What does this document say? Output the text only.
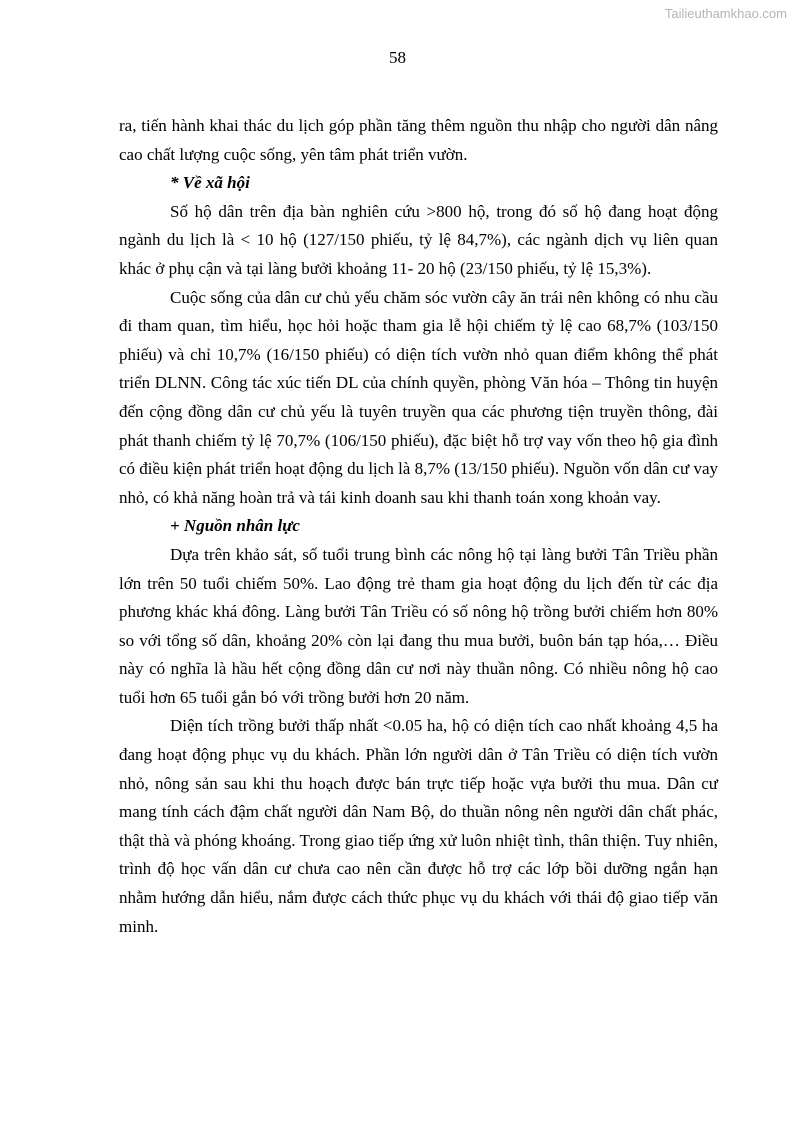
Tailieuthamkhao.com
58

ra, tiến hành khai thác du lịch góp phần tăng thêm nguồn thu nhập cho người dân nâng cao chất lượng cuộc sống, yên tâm phát triển vườn.

* Về xã hội

Số hộ dân trên địa bàn nghiên cứu >800 hộ, trong đó số hộ đang hoạt động ngành du lịch là < 10 hộ (127/150 phiếu, tỷ lệ 84,7%), các ngành dịch vụ liên quan khác ở phụ cận và tại làng bưởi khoảng 11- 20 hộ (23/150 phiếu, tỷ lệ 15,3%).

Cuộc sống của dân cư chủ yếu chăm sóc vườn cây ăn trái nên không có nhu cầu đi tham quan, tìm hiểu, học hỏi hoặc tham gia lễ hội chiếm tỷ lệ cao 68,7% (103/150 phiếu) và chỉ 10,7% (16/150 phiếu) có diện tích vườn nhỏ quan điểm không thể phát triển DLNN. Công tác xúc tiến DL của chính quyền, phòng Văn hóa – Thông tin huyện đến cộng đồng dân cư chủ yếu là tuyên truyền qua các phương tiện truyền thông, đài phát thanh chiếm tỷ lệ 70,7% (106/150 phiếu), đặc biệt hỗ trợ vay vốn theo hộ gia đình có điều kiện phát triển hoạt động du lịch là 8,7% (13/150 phiếu). Nguồn vốn dân cư vay nhỏ, có khả năng hoàn trả và tái kinh doanh sau khi thanh toán xong khoản vay.

+ Nguồn nhân lực

Dựa trên khảo sát, số tuổi trung bình các nông hộ tại làng bưởi Tân Triều phần lớn trên 50 tuổi chiếm 50%. Lao động trẻ tham gia hoạt động du lịch đến từ các địa phương khác khá đông. Làng bưởi Tân Triều có số nông hộ trồng bưởi chiếm hơn 80% so với tổng số dân, khoảng 20% còn lại đang thu mua bưởi, buôn bán tạp hóa,… Điều này có nghĩa là hầu hết cộng đồng dân cư nơi này thuần nông. Có nhiều nông hộ cao tuổi hơn 65 tuổi gắn bó với trồng bưởi hơn 20 năm.

Diện tích trồng bưởi thấp nhất <0.05 ha, hộ có diện tích cao nhất khoảng 4,5 ha đang hoạt động phục vụ du khách. Phần lớn người dân ở Tân Triều có diện tích vườn nhỏ, nông sản sau khi thu hoạch được bán trực tiếp hoặc vựa bưởi thu mua. Dân cư mang tính cách đậm chất người dân Nam Bộ, do thuần nông nên người dân chất phác, thật thà và phóng khoáng. Trong giao tiếp ứng xử luôn nhiệt tình, thân thiện. Tuy nhiên, trình độ học vấn dân cư chưa cao nên cần được hỗ trợ các lớp bồi dưỡng ngắn hạn nhằm hướng dẫn hiểu, nắm được cách thức phục vụ du khách với thái độ giao tiếp văn minh.
